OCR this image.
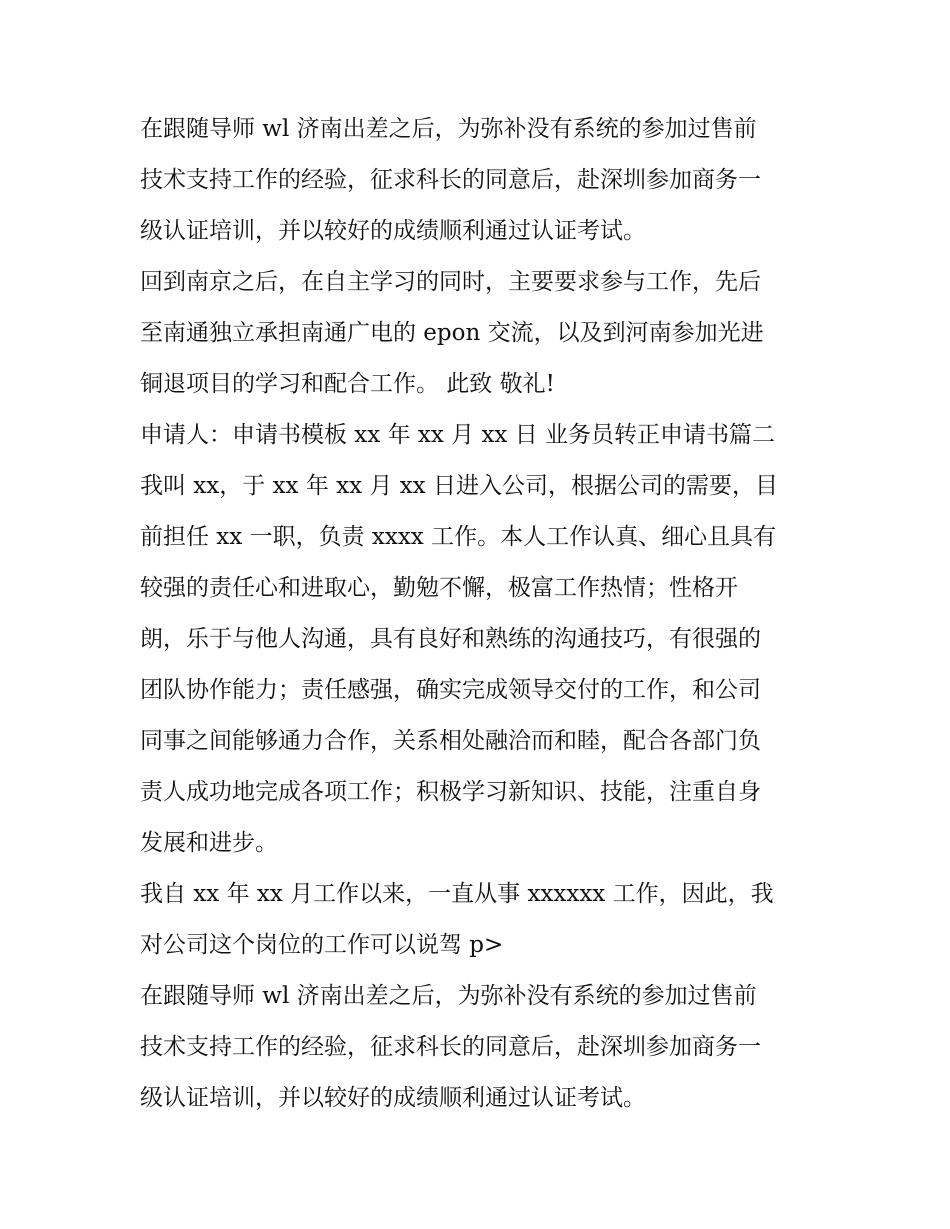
在跟随导师 wl 济南出差之后，为弥补没有系统的参加过售前
技术支持工作的经验，征求科长的同意后，赴深圳参加商务一
级认证培训，并以较好的成绩顺利通过认证考试。
回到南京之后，在自主学习的同时，主要要求参与工作，先后
至南通独立承担南通广电的 epon 交流，以及到河南参加光进
铜退项目的学习和配合工作。 此致 敬礼!
申请人：申请书模板 xx 年 xx 月 xx 日 业务员转正申请书篇二
我叫 xx，于 xx 年 xx 月 xx 日进入公司，根据公司的需要，目
前担任 xx 一职，负责 xxxx 工作。本人工作认真、细心且具有
较强的责任心和进取心，勤勉不懈，极富工作热情；性格开
朗，乐于与他人沟通，具有良好和熟练的沟通技巧，有很强的
团队协作能力；责任感强，确实完成领导交付的工作，和公司
同事之间能够通力合作，关系相处融洽而和睦，配合各部门负
责人成功地完成各项工作；积极学习新知识、技能，注重自身
发展和进步。
我自 xx 年 xx 月工作以来，一直从事 xxxxxx 工作，因此，我
对公司这个岗位的工作可以说驾 p>
在跟随导师 wl 济南出差之后，为弥补没有系统的参加过售前
技术支持工作的经验，征求科长的同意后，赴深圳参加商务一
级认证培训，并以较好的成绩顺利通过认证考试。
